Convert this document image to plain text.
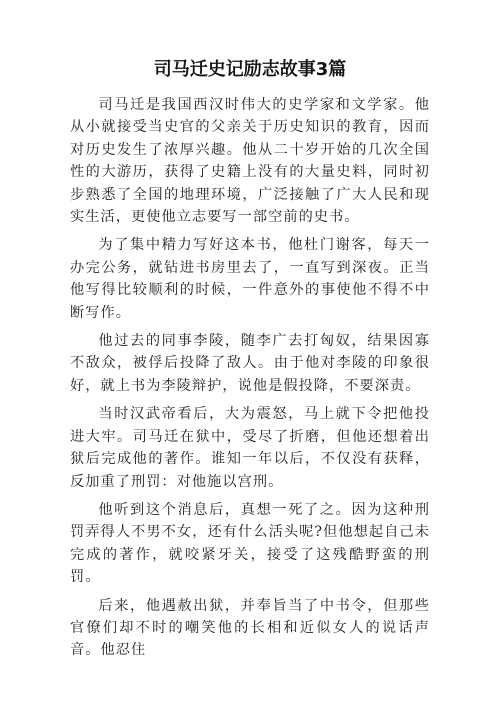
司马迁史记励志故事3篇

司马迁是我国西汉时伟大的史学家和文学家。他从小就接受当史官的父亲关于历史知识的教育，因而对历史发生了浓厚兴趣。他从二十岁开始的几次全国性的大游历，获得了史籍上没有的大量史料，同时初步熟悉了全国的地理环境，广泛接触了广大人民和现实生活，更使他立志要写一部空前的史书。

为了集中精力写好这本书，他杜门谢客，每天一办完公务，就钻进书房里去了，一直写到深夜。正当他写得比较顺利的时候，一件意外的事使他不得不中断写作。

他过去的同事李陵，随李广去打匈奴，结果因寡不敌众，被俘后投降了敌人。由于他对李陵的印象很好，就上书为李陵辩护，说他是假投降，不要深责。

当时汉武帝看后，大为震怒，马上就下令把他投进大牢。司马迁在狱中，受尽了折磨，但他还想着出狱后完成他的著作。谁知一年以后，不仅没有获释，反加重了刑罚：对他施以宫刑。

他听到这个消息后，真想一死了之。因为这种刑罚弄得人不男不女，还有什么活头呢?但他想起自己未完成的著作，就咬紧牙关，接受了这残酷野蛮的刑罚。

后来，他遇赦出狱，并奉旨当了中书令，但那些官僚们却不时的嘲笑他的长相和近似女人的说话声音。他忍住
